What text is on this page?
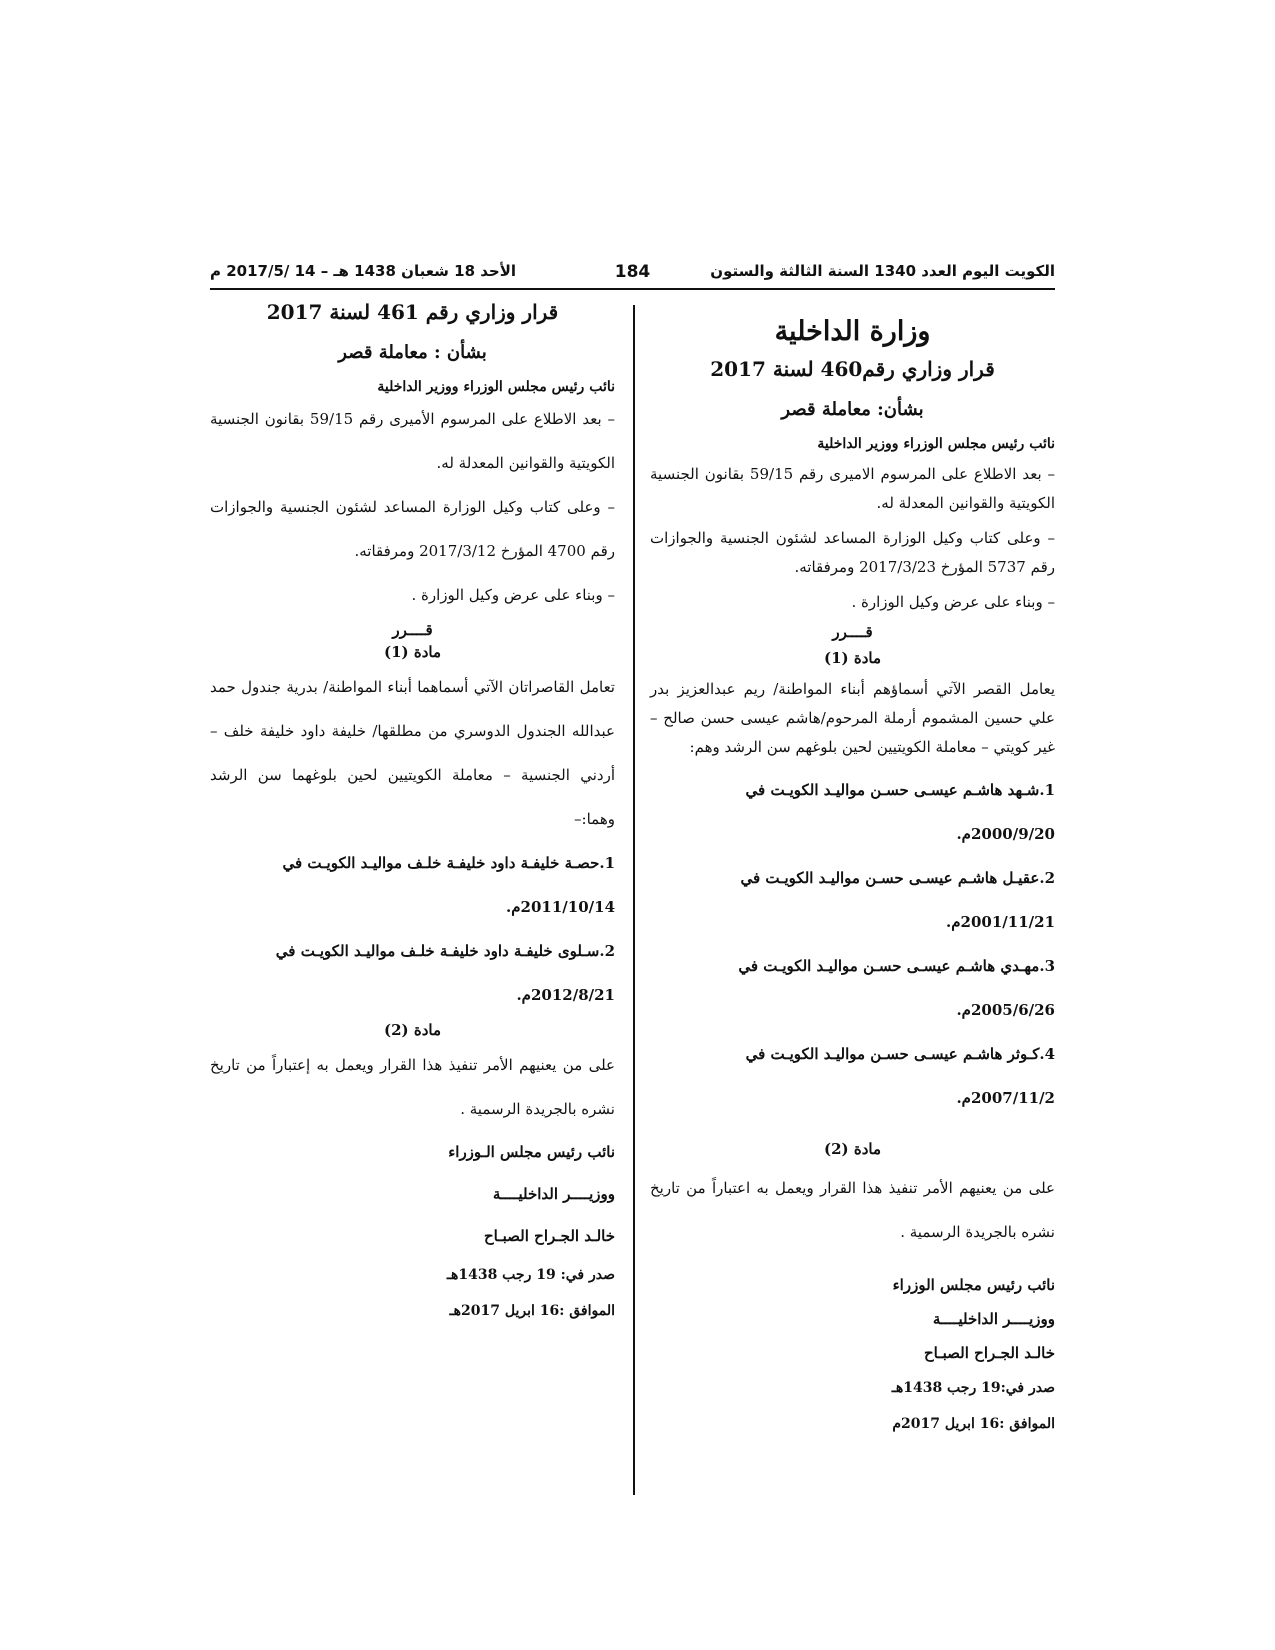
الكويت اليوم العدد 1340 السنة الثالثة والستون
184
الأحد 18 شعبان 1438 هـ – 14 /2017/5 م
وزارة الداخلية
قرار وزاري رقم460 لسنة 2017
بشأن: معاملة قصر
نائب رئيس مجلس الوزراء ووزير الداخلية

– بعد الاطلاع على المرسوم الاميرى رقم 59/15 بقانون الجنسية الكويتية والقوانين المعدلة له.

– وعلى كتاب وكيل الوزارة المساعد لشئون الجنسية والجوازات رقم 5737 المؤرخ 2017/3/23 ومرفقاته.

– وبناء على عرض وكيل الوزارة .

قــــرر
مادة (1)

يعامل القصر الآتي أسماؤهم أبناء المواطنة/ ريم عبدالعزيز بدر علي حسين المشموم أرملة المرحوم/هاشم عيسى حسن صالح – غير كويتي – معاملة الكويتيين لحين بلوغهم سن الرشد وهم:

1.شـهد هاشـم عيسـى حسـن مواليـد الكويـت في 2000/9/20م.

2.عقيـل هاشـم عيسـى حسـن مواليـد الكويـت في 2001/11/21م.

3.مهـدي هاشـم عيسـى حسـن مواليـد الكويـت في 2005/6/26م.

4.كـوثر هاشـم عيسـى حسـن مواليـد الكويـت في 2007/11/2م.

مادة (2)

على من يعنيهم الأمر تنفيذ هذا القرار ويعمل به اعتباراً من تاريخ نشره بالجريدة الرسمية .

نائب رئيس مجلس الوزراء

ووزيــــر الداخليــــة

خالـد الجـراح الصبـاح

صدر في:19 رجب 1438هـ

الموافق :16 ابريل 2017م

قرار وزاري رقم 461 لسنة 2017
بشأن : معاملة قصر
نائب رئيس مجلس الوزراء ووزير الداخلية

– بعد الاطلاع على المرسوم الأميرى رقم 59/15 بقانون الجنسية الكويتية والقوانين المعدلة له.

– وعلى كتاب وكيل الوزارة المساعد لشئون الجنسية والجوازات رقم 4700 المؤرخ 2017/3/12 ومرفقاته.

– وبناء على عرض وكيل الوزارة .

قــــرر
مادة (1)

تعامل القاصراتان الآتي أسماهما أبناء المواطنة/ بدرية جندول حمد عبدالله الجندول الدوسري من مطلقها/ خليفة داود خليفة خلف – أردني الجنسية – معاملة الكويتيين لحين بلوغهما سن الرشد وهما:–

1.حصـة خليفـة داود خليفـة خلـف مواليـد الكويـت في 2011/10/14م.

2.سـلوى خليفـة داود خليفـة خلـف مواليـد الكويـت في 2012/8/21م.

مادة (2)

على من يعنيهم الأمر تنفيذ هذا القرار ويعمل به إعتباراً من تاريخ نشره بالجريدة الرسمية .

نائب رئيس مجلس الـوزراء

ووزيــــر الداخليــــة

خالـد الجـراح الصبـاح

صدر في: 19 رجب 1438هـ

الموافق :16 ابريل 2017هـ
